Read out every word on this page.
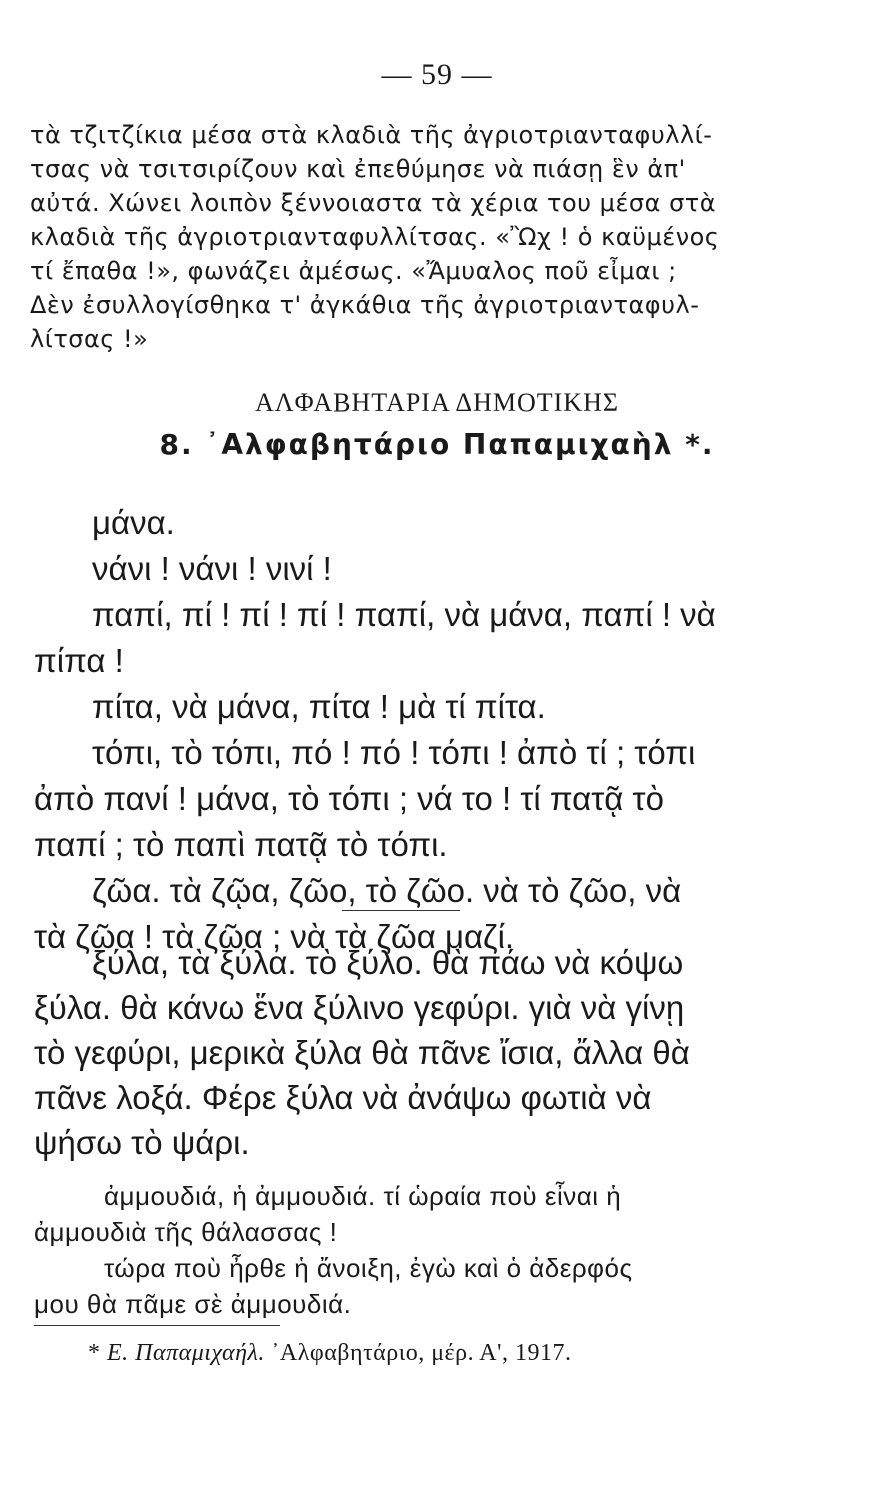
— 59 —
τὰ τζιτζίκια μέσα στὰ κλαδιὰ τῆς ἀγριοτριανταφυλλί-
τσας νὰ τσιτσιρίζουν καὶ ἐπεθύμησε νὰ πιάσῃ ἓν ἀπ'
αὐτά. Χώνει λοιπὸν ξέννοιαστα τὰ χέρια του μέσα στὰ
κλαδιὰ τῆς ἀγριοτριανταφυλλίτσας. «Ὢχ ! ὁ καϋμένος
τί ἔπαθα !», φωνάζει ἀμέσως. «Ἄμυαλος ποῦ εἶμαι ;
Δὲν ἐσυλλογίσθηκα τ' ἀγκάθια τῆς ἀγριοτριανταφυλ-
λίτσας !»
ΑΛΦΑΒΗΤΑΡΙΑ ΔΗΜΟΤΙΚΗΣ
8. ᾿Αλφαβητάριο Παπαμιχαὴλ *.
μάνα.
νάνι ! νάνι ! νινί !
παπί, πί ! πί ! πί ! παπί, νὰ μάνα, παπί ! νὰ
πίπα !
πίτα, νὰ μάνα, πίτα ! μὰ τί πίτα.
τόπι, τὸ τόπι, πό ! πό ! τόπι ! ἀπὸ τί ; τόπι
ἀπὸ πανί ! μάνα, τὸ τόπι ; νά το ! τί πατᾷ τὸ
παπί ; τὸ παπὶ πατᾷ τὸ τόπι.
ζῶα. τὰ ζῷα, ζῶο, τὸ ζῶο. νὰ τὸ ζῶο, νὰ
τὰ ζῶα ! τὰ ζῶα ; νὰ τὰ ζῶα μαζί.
ξύλα, τὰ ξύλα. τὸ ξύλο. θὰ πάω νὰ κόψω
ξύλα. θὰ κάνω ἕνα ξύλινο γεφύρι. γιὰ νὰ γίνῃ
τὸ γεφύρι, μερικὰ ξύλα θὰ πᾶνε ἴσια, ἄλλα θὰ
πᾶνε λοξά. Φέρε ξύλα νὰ ἀνάψω φωτιὰ νὰ
ψήσω τὸ ψάρι.
ἀμμουδιά, ἡ ἀμμουδιά. τί ὡραία ποὺ εἶναι ἡ
ἀμμουδιὰ τῆς θάλασσας !
τώρα ποὺ ἦρθε ἡ ἄνοιξη, ἐγὼ καὶ ὁ ἀδερφός
μου θὰ πᾶμε σὲ ἀμμουδιά.
* Ε. Παπαμιχαήλ. ᾿Αλφαβητάριο, μέρ. Α', 1917.
